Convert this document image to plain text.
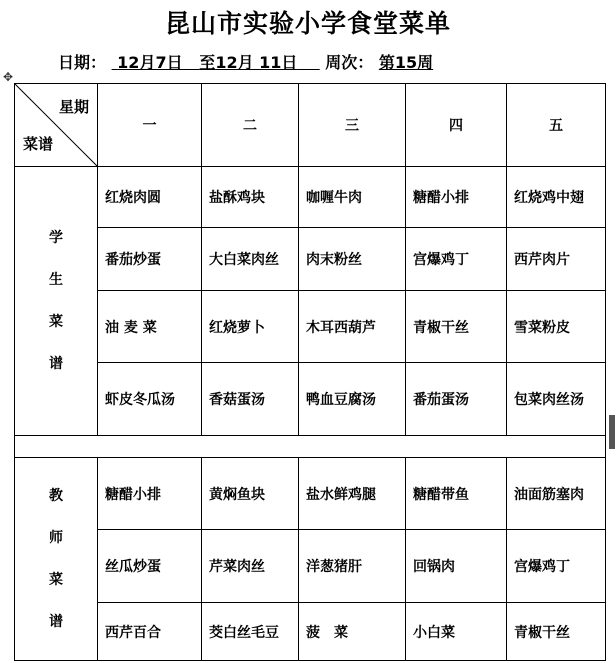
昆山市实验小学食堂菜单
日期： 12月7日 至12月 11日 周次： 第15周
✥
星期
菜谱	一	二	三	四	五

学
生
菜
谱	红烧肉圆	盐酥鸡块	咖喱牛肉	糖醋小排	红烧鸡中翅
	番茄炒蛋	大白菜肉丝	肉末粉丝	宫爆鸡丁	西芹肉片
	油 麦 菜	红烧萝卜	木耳西葫芦	青椒干丝	雪菜粉皮
	虾皮冬瓜汤	香菇蛋汤	鸭血豆腐汤	番茄蛋汤	包菜肉丝汤

教
师
菜
谱	糖醋小排	黄焖鱼块	盐水鲜鸡腿	糖醋带鱼	油面筋塞肉
	丝瓜炒蛋	芹菜肉丝	洋葱猪肝	回锅肉	宫爆鸡丁
	西芹百合	茭白丝毛豆	菠　菜	小白菜	青椒干丝
